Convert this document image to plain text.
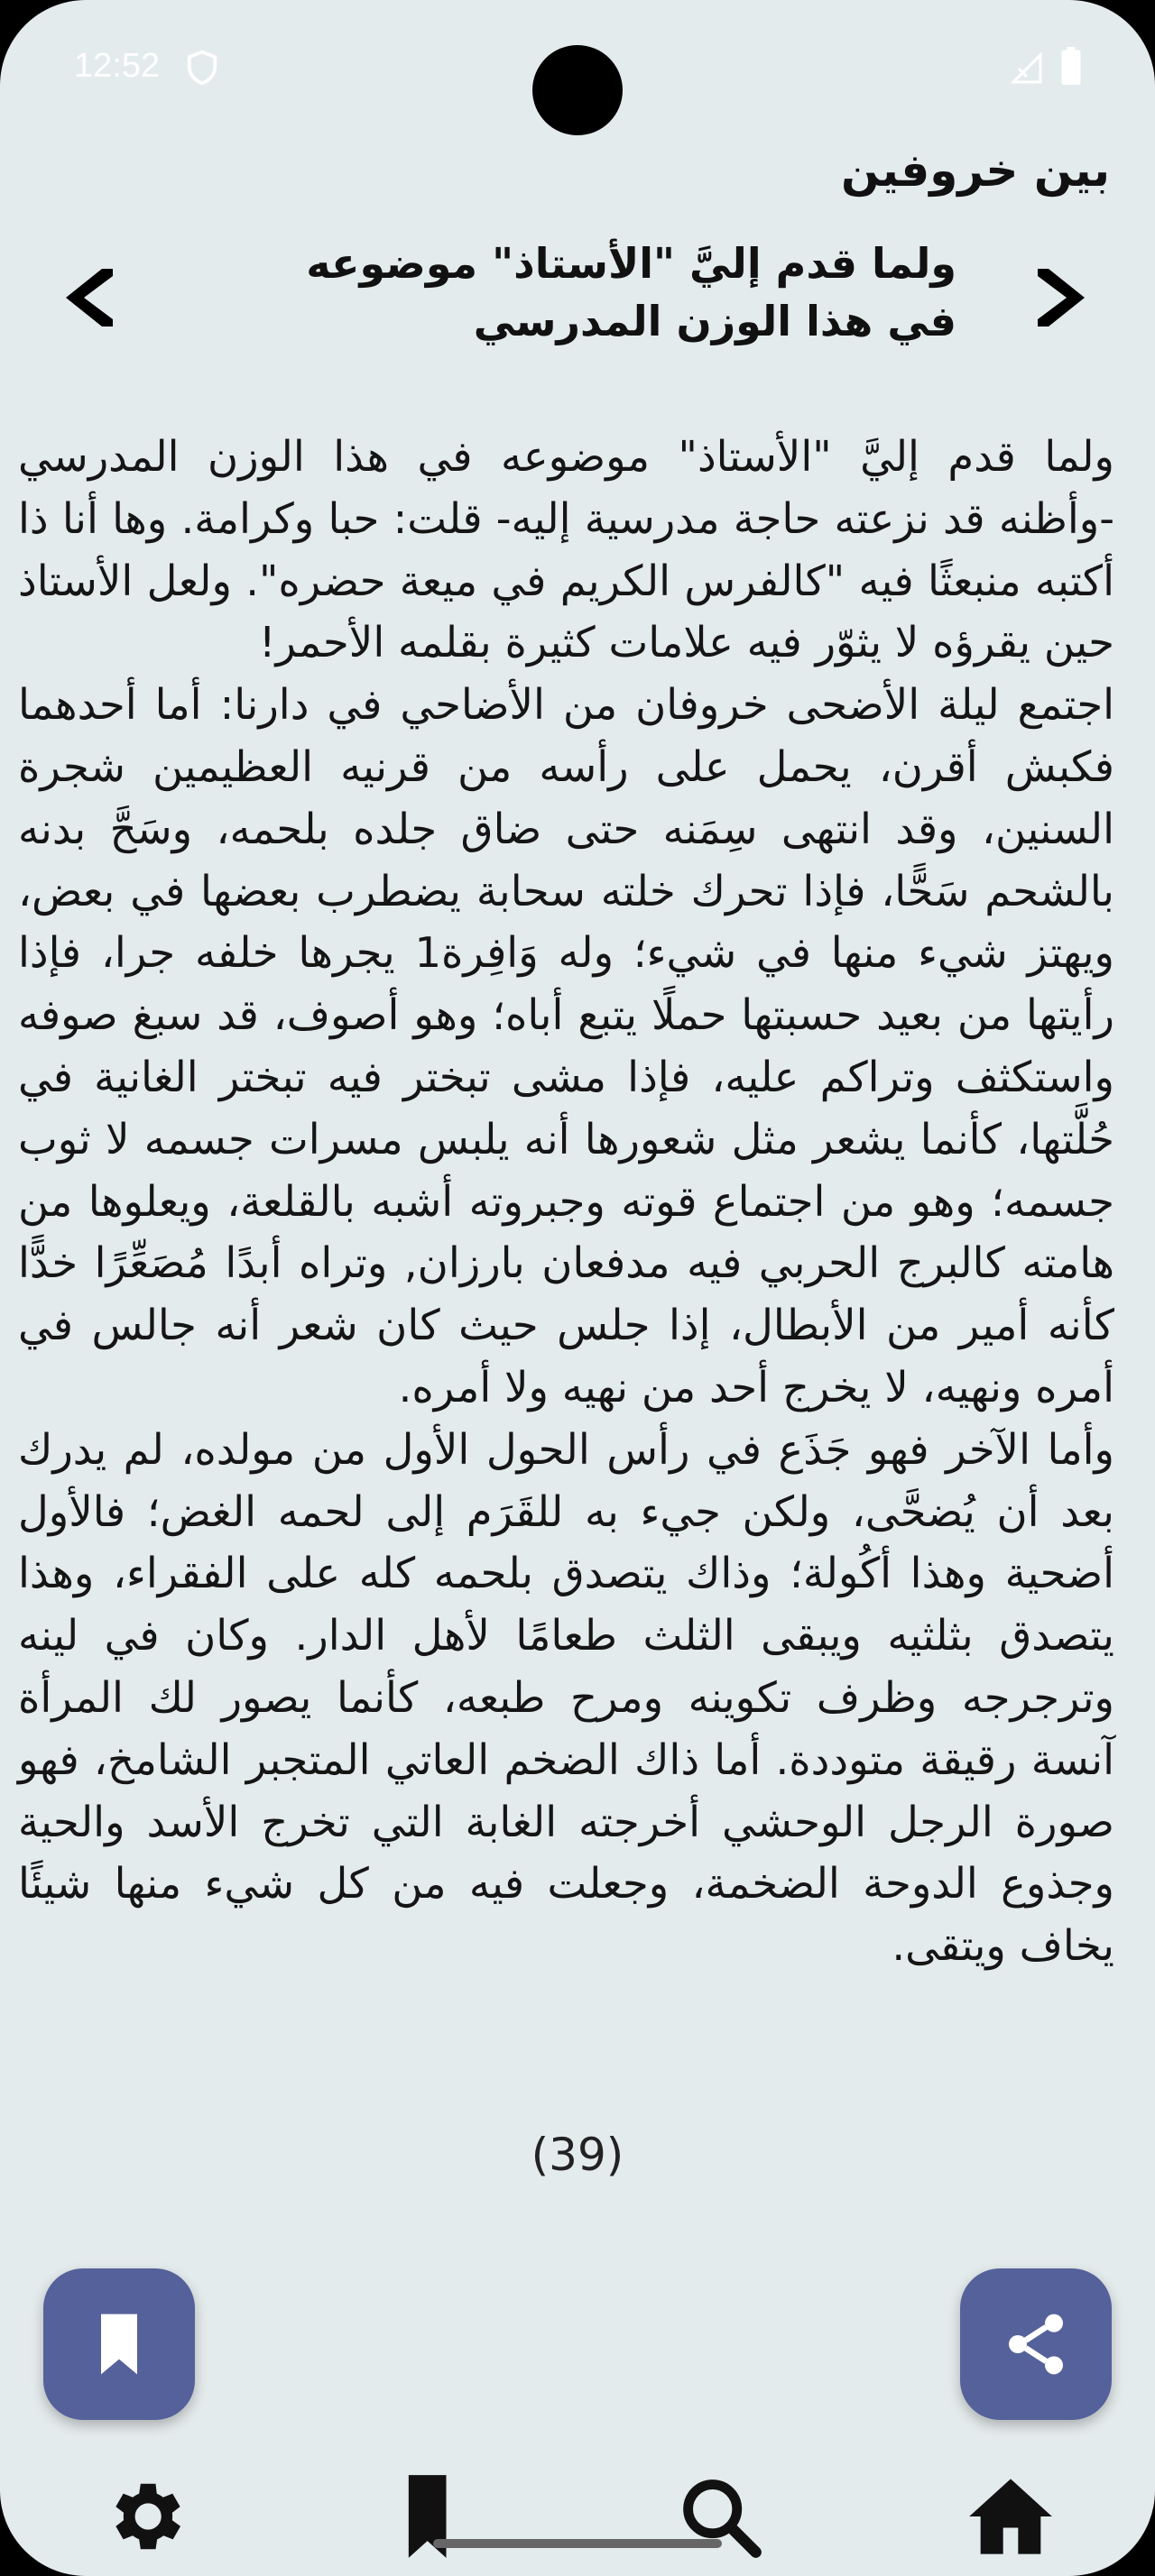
12:52
بين خروفين
ولما قدم إليَّ "الأستاذ" موضوعه في هذا الوزن المدرسي

ولما قدم إليَّ "الأستاذ" موضوعه في هذا الوزن المدرسي -وأظنه قد نزعته حاجة مدرسية إليه- قلت: حبا وكرامة. وها أنا ذا أكتبه منبعثًا فيه "كالفرس الكريم في ميعة حضره". ولعل الأستاذ حين يقرؤه لا يثوّر فيه علامات كثيرة بقلمه الأحمر!

اجتمع ليلة الأضحى خروفان من الأضاحي في دارنا: أما أحدهما فكبش أقرن، يحمل على رأسه من قرنيه العظيمين شجرة السنين، وقد انتهى سِمَنه حتى ضاق جلده بلحمه، وسَحَّ بدنه بالشحم سَحًّا، فإذا تحرك خلته سحابة يضطرب بعضها في بعض، ويهتز شيء منها في شيء؛ وله وَافِرة1 يجرها خلفه جرا، فإذا رأيتها من بعيد حسبتها حملًا يتبع أباه؛ وهو أصوف، قد سبغ صوفه واستكثف وتراكم عليه، فإذا مشى تبختر فيه تبختر الغانية في حُلَّتها، كأنما يشعر مثل شعورها أنه يلبس مسرات جسمه لا ثوب جسمه؛ وهو من اجتماع قوته وجبروته أشبه بالقلعة، ويعلوها من هامته كالبرج الحربي فيه مدفعان بارزان, وتراه أبدًا مُصَعِّرًا خدًّا كأنه أمير من الأبطال، إذا جلس حيث كان شعر أنه جالس في أمره ونهيه، لا يخرج أحد من نهيه ولا أمره.

وأما الآخر فهو جَذَع في رأس الحول الأول من مولده، لم يدرك بعد أن يُضحَّى، ولكن جيء به للقَرَم إلى لحمه الغض؛ فالأول أضحية وهذا أكُولة؛ وذاك يتصدق بلحمه كله على الفقراء، وهذا يتصدق بثلثيه ويبقى الثلث طعامًا لأهل الدار. وكان في لينه وترجرجه وظرف تكوينه ومرح طبعه، كأنما يصور لك المرأة آنسة رقيقة متوددة. أما ذاك الضخم العاتي المتجبر الشامخ، فهو صورة الرجل الوحشي أخرجته الغابة التي تخرج الأسد والحية وجذوع الدوحة الضخمة، وجعلت فيه من كل شيء منها شيئًا يخاف ويتقى.

(39)
